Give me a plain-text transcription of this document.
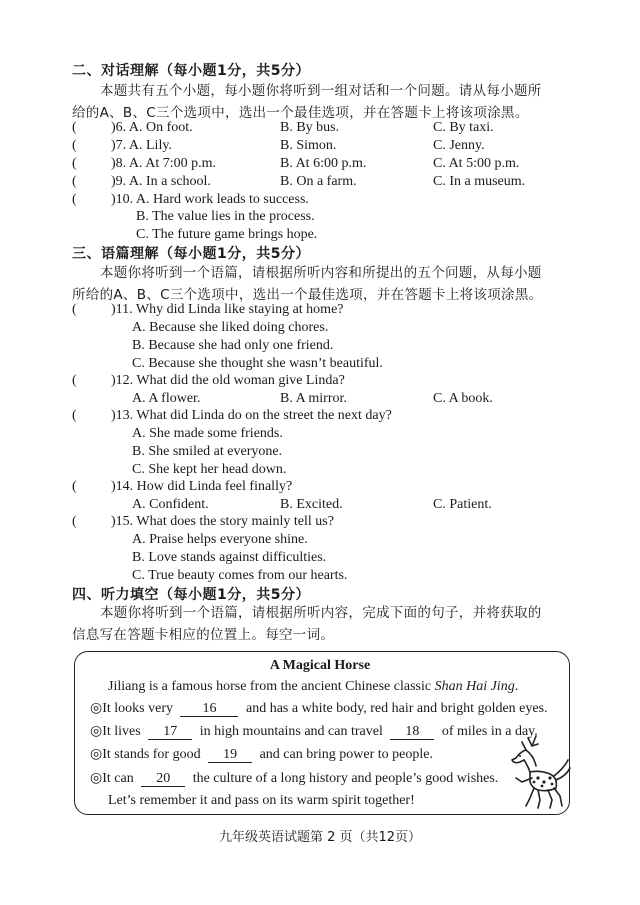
二、对话理解（每小题1分，共5分）
本题共有五个小题，每小题你将听到一组对话和一个问题。请从每小题所
给的A、B、C三个选项中，选出一个最佳选项，并在答题卡上将该项涂黑。
( )6. A. On foot.	B. By bus.	C. By taxi.
( )7. A. Lily.	B. Simon.	C. Jenny.
( )8. A. At 7:00 p.m.	B. At 6:00 p.m.	C. At 5:00 p.m.
( )9. A. In a school.	B. On a farm.	C. In a museum.
( )10. A. Hard work leads to success.
B. The value lies in the process.
C. The future game brings hope.
三、语篇理解（每小题1分，共5分）
本题你将听到一个语篇，请根据所听内容和所提出的五个问题，从每小题
所给的A、B、C三个选项中，选出一个最佳选项，并在答题卡上将该项涂黑。
( )11. Why did Linda like staying at home?
A. Because she liked doing chores.
B. Because she had only one friend.
C. Because she thought she wasn’t beautiful.
( )12. What did the old woman give Linda?
A. A flower.	B. A mirror.	C. A book.
( )13. What did Linda do on the street the next day?
A. She made some friends.
B. She smiled at everyone.
C. She kept her head down.
( )14. How did Linda feel finally?
A. Confident.	B. Excited.	C. Patient.
( )15. What does the story mainly tell us?
A. Praise helps everyone shine.
B. Love stands against difficulties.
C. True beauty comes from our hearts.
四、听力填空（每小题1分，共5分）
本题你将听到一个语篇，请根据所听内容，完成下面的句子，并将获取的
信息写在答题卡相应的位置上。每空一词。
A Magical Horse
Jiliang is a famous horse from the ancient Chinese classic Shan Hai Jing.
◎It looks very 16 and has a white body, red hair and bright golden eyes.
◎It lives 17 in high mountains and can travel 18 of miles in a day.
◎It stands for good 19 and can bring power to people.
◎It can 20 the culture of a long history and people’s good wishes.
Let’s remember it and pass on its warm spirit together!
九年级英语试题第 2 页（共12页）
